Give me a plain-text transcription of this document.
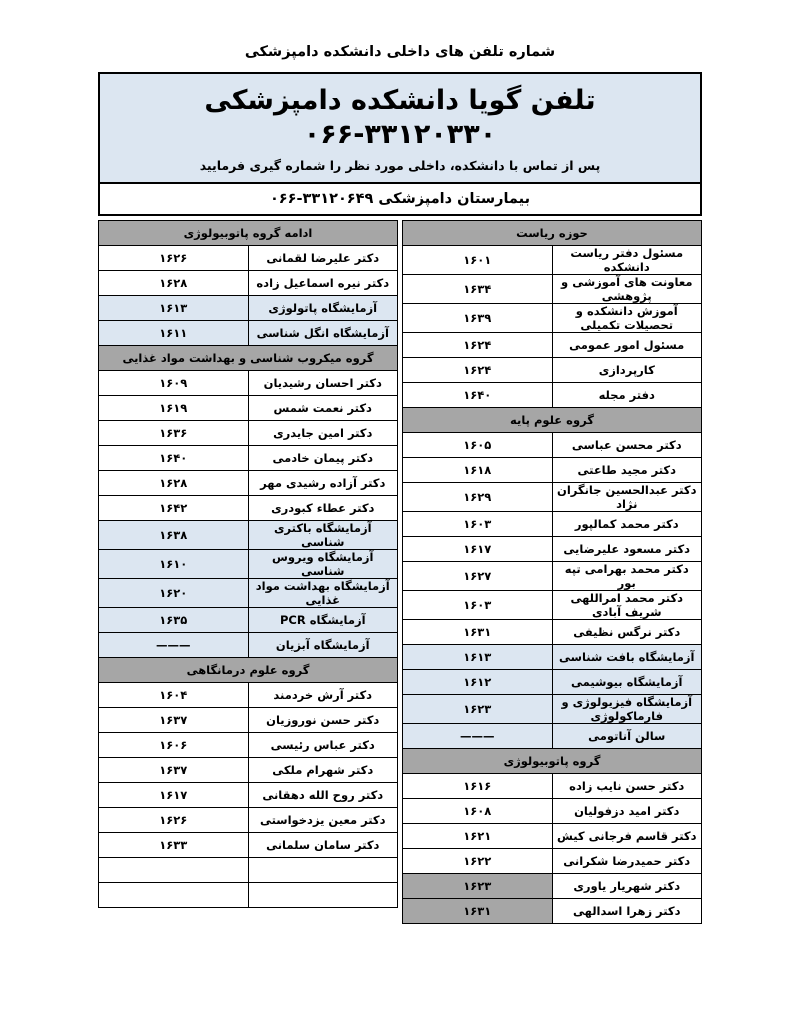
شماره تلفن های داخلی دانشکده دامپزشکی
تلفن گویا دانشکده دامپزشکی ۳۳۱۲۰۳۳۰-۰۶۶
پس از تماس با دانشکده، داخلی مورد نظر را شماره گیری فرمایید
بیمارستان دامپزشکی ۳۳۱۲۰۶۴۹-۰۶۶
حوزه ریاست	
مسئول دفتر ریاست دانشکده	۱۶۰۱
معاونت های آموزشی و پژوهشی	۱۶۳۴
آموزش دانشکده و تحصیلات تکمیلی	۱۶۳۹
مسئول امور عمومی	۱۶۲۴
کارپردازی	۱۶۲۴
دفتر مجله	۱۶۴۰
گروه علوم پایه	
دکتر محسن عباسی	۱۶۰۵
دکتر مجید طاعتی	۱۶۱۸
دکتر عبدالحسین جانگران نژاد	۱۶۲۹
دکتر محمد کمالپور	۱۶۰۳
دکتر مسعود علیرضایی	۱۶۱۷
دکتر محمد بهرامی تپه بور	۱۶۲۷
دکتر محمد امراللهی شریف آبادی	۱۶۰۳
دکتر نرگس نظیفی	۱۶۳۱
آزمایشگاه بافت شناسی	۱۶۱۳
آزمایشگاه بیوشیمی	۱۶۱۲
آزمایشگاه فیزیولوژی و فارماکولوژی	۱۶۲۳
سالن آناتومی	———
گروه پاتوبیولوژی	
دکتر حسن نایب زاده	۱۶۱۶
دکتر امید دزفولیان	۱۶۰۸
دکتر قاسم فرجانی کیش	۱۶۲۱
دکتر حمیدرضا شکرانی	۱۶۲۲
دکتر شهریار یاوری	۱۶۲۳
دکتر زهرا اسدالهی	۱۶۳۱
ادامه گروه پاتوبیولوژی	
دکتر علیرضا لقمانی	۱۶۲۶
دکتر نیره اسماعیل زاده	۱۶۲۸
آزمایشگاه پاتولوژی	۱۶۱۳
آزمایشگاه انگل شناسی	۱۶۱۱
گروه میکروب شناسی و بهداشت مواد غذایی	
دکتر احسان رشیدیان	۱۶۰۹
دکتر نعمت شمس	۱۶۱۹
دکتر امین جایدری	۱۶۳۶
دکتر پیمان خادمی	۱۶۴۰
دکتر آزاده رشیدی مهر	۱۶۲۸
دکتر عطاء کبودری	۱۶۴۲
آزمایشگاه باکتری شناسی	۱۶۳۸
آزمایشگاه ویروس شناسی	۱۶۱۰
آزمایشگاه بهداشت مواد غذایی	۱۶۲۰
آزمایشگاه PCR	۱۶۳۵
آزمایشگاه آبزیان	———
گروه علوم درمانگاهی	
دکتر آرش خردمند	۱۶۰۴
دکتر حسن نوروزیان	۱۶۳۷
دکتر عباس رئیسی	۱۶۰۶
دکتر شهرام ملکی	۱۶۳۷
دکتر روح الله دهقانی	۱۶۱۷
دکتر معین یزدخواستی	۱۶۲۶
دکتر سامان سلمانی	۱۶۳۳
